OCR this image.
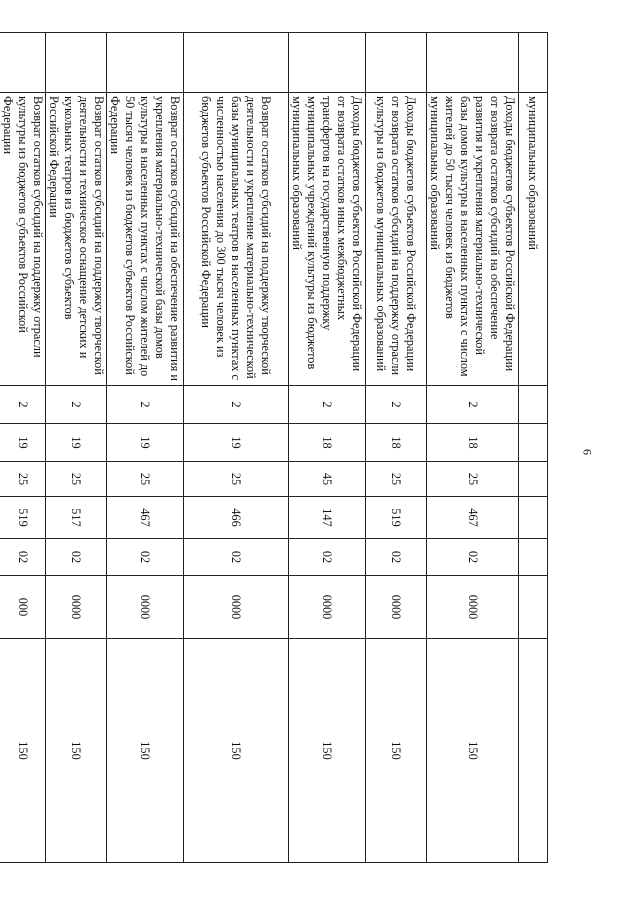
6
	муниципальных образований							
	Доходы бюджетов субъектов Российской Федерации от возврата остатков субсидий на обеспечение развития и укрепления материально-технической базы домов культуры в населенных пунктах с числом жителей до 50 тысяч человек из бюджетов муниципальных образований	2	18	25	467	02	0000	150
	Доходы бюджетов субъектов Российской Федерации от возврата остатков субсидий на поддержку отрасли культуры из бюджетов муниципальных образований	2	18	25	519	02	0000	150
	Доходы бюджетов субъектов Российской Федерации от возврата остатков иных межбюджетных трансфертов на государственную поддержку муниципальных учреждений культуры из бюджетов муниципальных образований	2	18	45	147	02	0000	150
	Возврат остатков субсидий на поддержку творческой деятельности и укрепление материально-технической базы муниципальных театров в населенных пунктах с численностью населения до 300 тысяч человек из бюджетов субъектов Российской Федерации	2	19	25	466	02	0000	150
	Возврат остатков субсидий на обеспечение развития и укрепления материально-технической базы домов культуры в населенных пунктах с числом жителей до 50 тысяч человек из бюджетов субъектов Российской Федерации	2	19	25	467	02	0000	150
	Возврат остатков субсидий на поддержку творческой деятельности и техническое оснащение детских и кукольных театров из бюджетов субъектов Российской Федерации	2	19	25	517	02	0000	150
	Возврат остатков субсидий на поддержку отрасли культуры из бюджетов субъектов Российской Федерации	2	19	25	519	02	000	150
